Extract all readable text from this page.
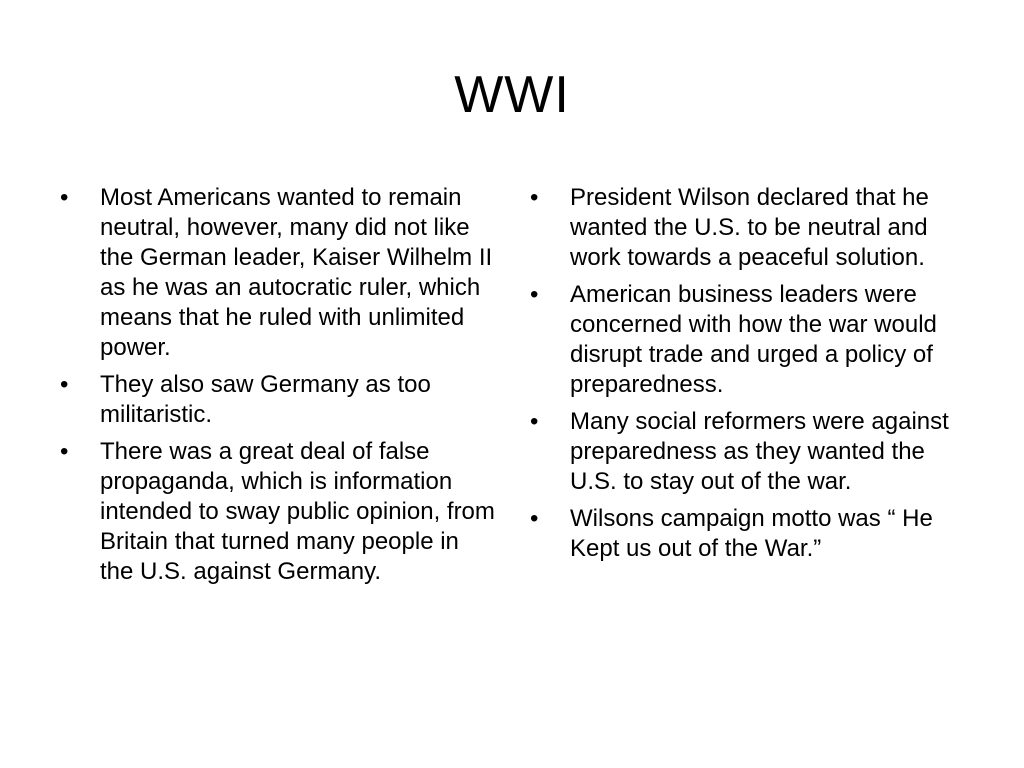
WWI
•	Most Americans wanted to remain neutral, however, many did not like the German leader, Kaiser Wilhelm II as he was an autocratic ruler, which means that he ruled with unlimited power.
•	They also saw Germany as too militaristic.
•	There was a great deal of false propaganda, which is information intended to sway public opinion, from Britain that turned many people in the U.S. against Germany.
•	President Wilson declared that he wanted the U.S. to be neutral and work towards a peaceful solution.
•	American business leaders were concerned with how the war would disrupt trade and urged a policy of preparedness.
•	Many social reformers were against preparedness as they wanted the U.S. to stay out of the war.
•	Wilsons campaign motto was “ He Kept us out of the War.”
